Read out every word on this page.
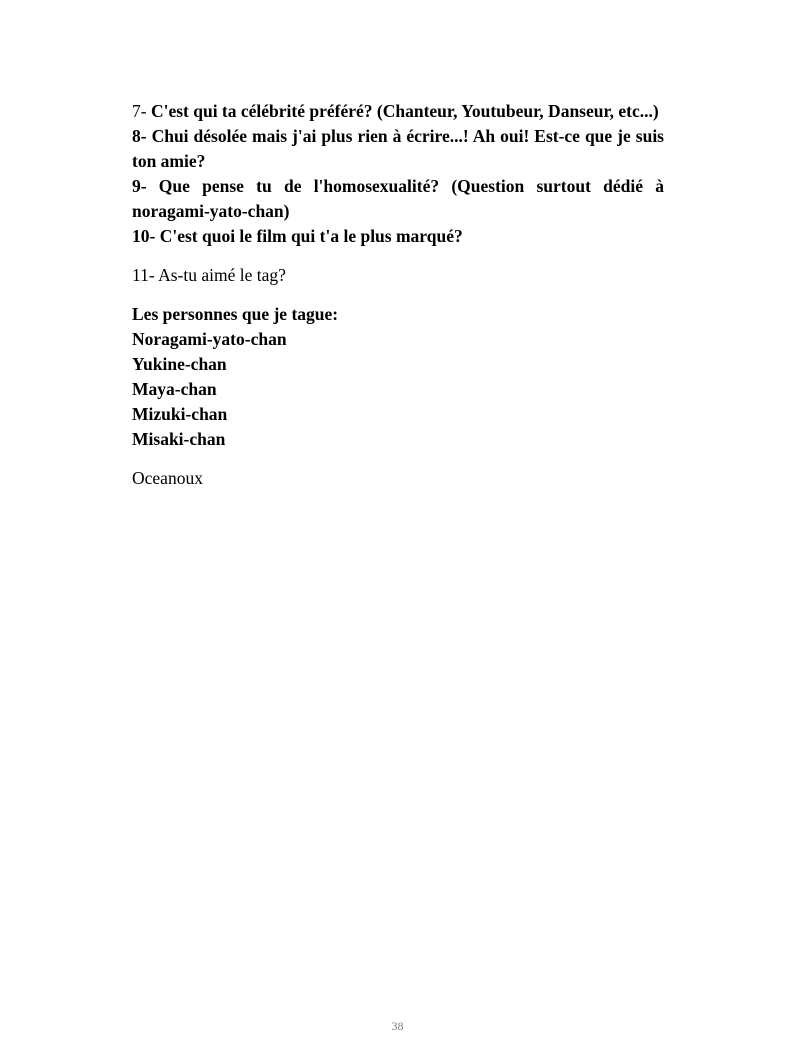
7- C'est qui ta célébrité préféré? (Chanteur, Youtubeur, Danseur, etc...)

8- Chui désolée mais j'ai plus rien à écrire...! Ah oui! Est-ce que je suis ton amie?

9- Que pense tu de l'homosexualité? (Question surtout dédié à noragami-yato-chan)

10- C'est quoi le film qui t'a le plus marqué?

11- As-tu aimé le tag?

Les personnes que je tague:
Noragami-yato-chan
Yukine-chan
Maya-chan
Mizuki-chan
Misaki-chan

Oceanoux

38
